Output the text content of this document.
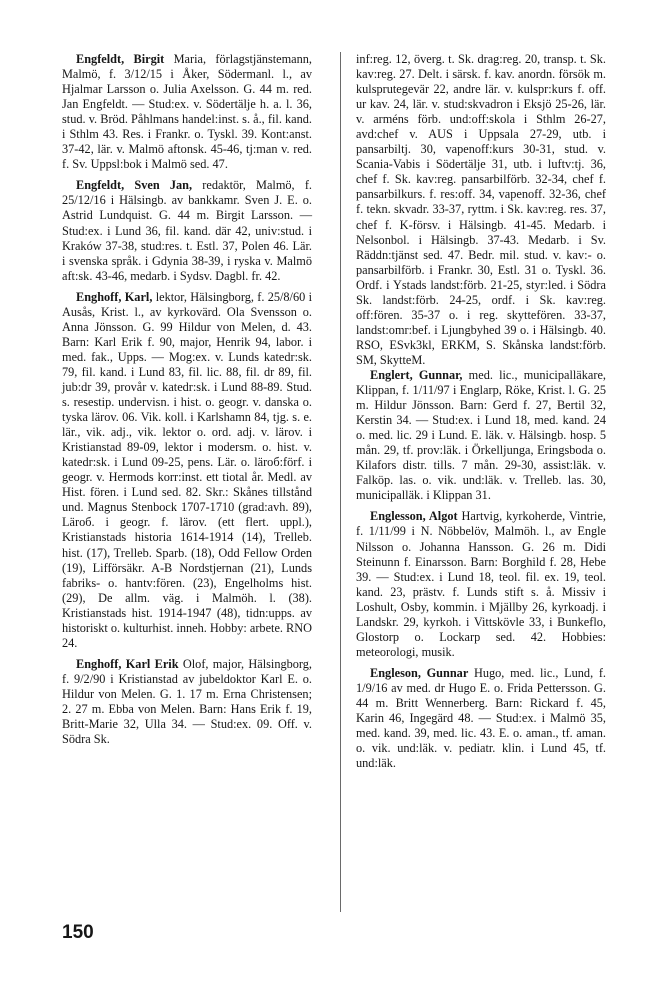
Engfeldt, Birgit Maria, förlagstjänstemann, Malmö, f. 3/12/15 i Åker, Södermanl. l., av Hjalmar Larsson o. Julia Axelsson. G. 44 m. red. Jan Engfeldt. — Stud:ex. v. Södertälje h. a. l. 36, stud. v. Bröd. Påhlmans handel:inst. s. å., fil. kand. i Sthlm 43. Res. i Frankr. o. Tyskl. 39. Kont:anst. 37-42, lär. v. Malmö aftonsk. 45-46, tj:man v. red. f. Sv. Uppsl:bok i Malmö sed. 47.

Engfeldt, Sven Jan, redaktör, Malmö, f. 25/12/16 i Hälsingb. av bankkamr. Sven J. E. o. Astrid Lundquist. G. 44 m. Birgit Larsson. — Stud:ex. i Lund 36, fil. kand. där 42, univ:stud. i Kraków 37-38, stud:res. t. Estl. 37, Polen 46. Lär. i svenska språk. i Gdynia 38-39, i ryska v. Malmö aft:sk. 43-46, medarb. i Sydsv. Dagbl. fr. 42.

Enghoff, Karl, lektor, Hälsingborg, f. 25/8/60 i Ausås, Krist. l., av kyrkovärd. Ola Svensson o. Anna Jönsson. G. 99 Hildur von Melen, d. 43. Barn: Karl Erik f. 90, major, Henrik 94, labor. i med. fak., Upps. — Mog:ex. v. Lunds katedr:sk. 79, fil. kand. i Lund 83, fil. lic. 88, fil. dr 89, fil. jub:dr 39, provår v. katedr:sk. i Lund 88-89. Stud. s. resestip. undervisn. i hist. o. geogr. v. danska o. tyska lärov. 06. Vik. koll. i Karlshamn 84, tjg. s. e. lär., vik. adj., vik. lektor o. ord. adj. v. lärov. i Kristianstad 89-09, lektor i modersm. o. hist. v. katedr:sk. i Lund 09-25, pens. Lär. o. läroб:förf. i geogr. v. Hermods korr:inst. ett tiotal år. Medl. av Hist. fören. i Lund sed. 82. Skr.: Skånes tillstånd und. Magnus Stenbock 1707-1710 (grad:avh. 89), Läroб. i geogr. f. lärov. (ett flert. uppl.), Kristianstads historia 1614-1914 (14), Trelleb. hist. (17), Trelleb. Sparb. (18), Odd Fellow Orden (19), Lifförsäkr. A-B Nordstjernan (21), Lunds fabriks- o. hantv:fören. (23), Engelholms hist. (29), De allm. väg. i Malmöh. l. (38). Kristianstads hist. 1914-1947 (48), tidn:upps. av historiskt o. kulturhist. inneh. Hobby: arbete. RNO 24.

Enghoff, Karl Erik Olof, major, Hälsingborg, f. 9/2/90 i Kristianstad av jubeldoktor Karl E. o. Hildur von Melen. G. 1. 17 m. Erna Christensen; 2. 27 m. Ebba von Melen. Barn: Hans Erik f. 19, Britt-Marie 32, Ulla 34. — Stud:ex. 09. Off. v. Södra Sk.

inf:reg. 12, överg. t. Sk. drag:reg. 20, transp. t. Sk. kav:reg. 27. Delt. i särsk. f. kav. anordn. försök m. kulsprutegevär 22, andre lär. v. kulspr:kurs f. off. ur kav. 24, lär. v. stud:skvadron i Eksjö 25-26, lär. v. arméns förb. und:off:skola i Sthlm 26-27, avd:chef v. AUS i Uppsala 27-29, utb. i pansarbiltj. 30, vapenoff:kurs 30-31, stud. v. Scania-Vabis i Södertälje 31, utb. i luftv:tj. 36, chef f. Sk. kav:reg. pansarbilförb. 32-34, chef f. pansarbilkurs. f. res:off. 34, vapenoff. 32-36, chef f. tekn. skvadr. 33-37, ryttm. i Sk. kav:reg. res. 37, chef f. K-försv. i Hälsingb. 41-45. Medarb. i Nelsonbol. i Hälsingb. 37-43. Medarb. i Sv. Räddn:tjänst sed. 47. Bedr. mil. stud. v. kav:- o. pansarbilförb. i Frankr. 30, Estl. 31 o. Tyskl. 36. Ordf. i Ystads landst:förb. 21-25, styr:led. i Södra Sk. landst:förb. 24-25, ordf. i Sk. kav:reg. off:fören. 35-37 o. i reg. skyttefören. 33-37, landst:omr:bef. i Ljungbyhed 39 o. i Hälsingb. 40. RSO, ESvk3kl, ERKM, S. Skånska landst:förb. SM, SkytteM.

Englert, Gunnar, med. lic., municipalläkare, Klippan, f. 1/11/97 i Englarp, Röke, Krist. l. G. 25 m. Hildur Jönsson. Barn: Gerd f. 27, Bertil 32, Kerstin 34. — Stud:ex. i Lund 18, med. kand. 24 o. med. lic. 29 i Lund. E. läk. v. Hälsingb. hosp. 5 mån. 29, tf. prov:läk. i Örkelljunga, Eringsboda o. Kilafors distr. tills. 7 mån. 29-30, assist:läk. v. Falköp. las. o. vik. und:läk. v. Trelleb. las. 30, municipalläk. i Klippan 31.

Englesson, Algot Hartvig, kyrkoherde, Vintrie, f. 1/11/99 i N. Nöbbelöv, Malmöh. l., av Engle Nilsson o. Johanna Hansson. G. 26 m. Didi Steinunn f. Einarsson. Barn: Borghild f. 28, Hebe 39. — Stud:ex. i Lund 18, teol. fil. ex. 19, teol. kand. 23, prästv. f. Lunds stift s. å. Missiv i Loshult, Osby, kommin. i Mjällby 26, kyrkoadj. i Landskr. 29, kyrkoh. i Vittskövle 33, i Bunkeflo, Glostorp o. Lockarp sed. 42. Hobbies: meteorologi, musik.

Engleson, Gunnar Hugo, med. lic., Lund, f. 1/9/16 av med. dr Hugo E. o. Frida Pettersson. G. 44 m. Britt Wennerberg. Barn: Rickard f. 45, Karin 46, Ingegärd 48. — Stud:ex. i Malmö 35, med. kand. 39, med. lic. 43. E. o. aman., tf. aman. o. vik. und:läk. v. pediatr. klin. i Lund 45, tf. und:läk.

150
